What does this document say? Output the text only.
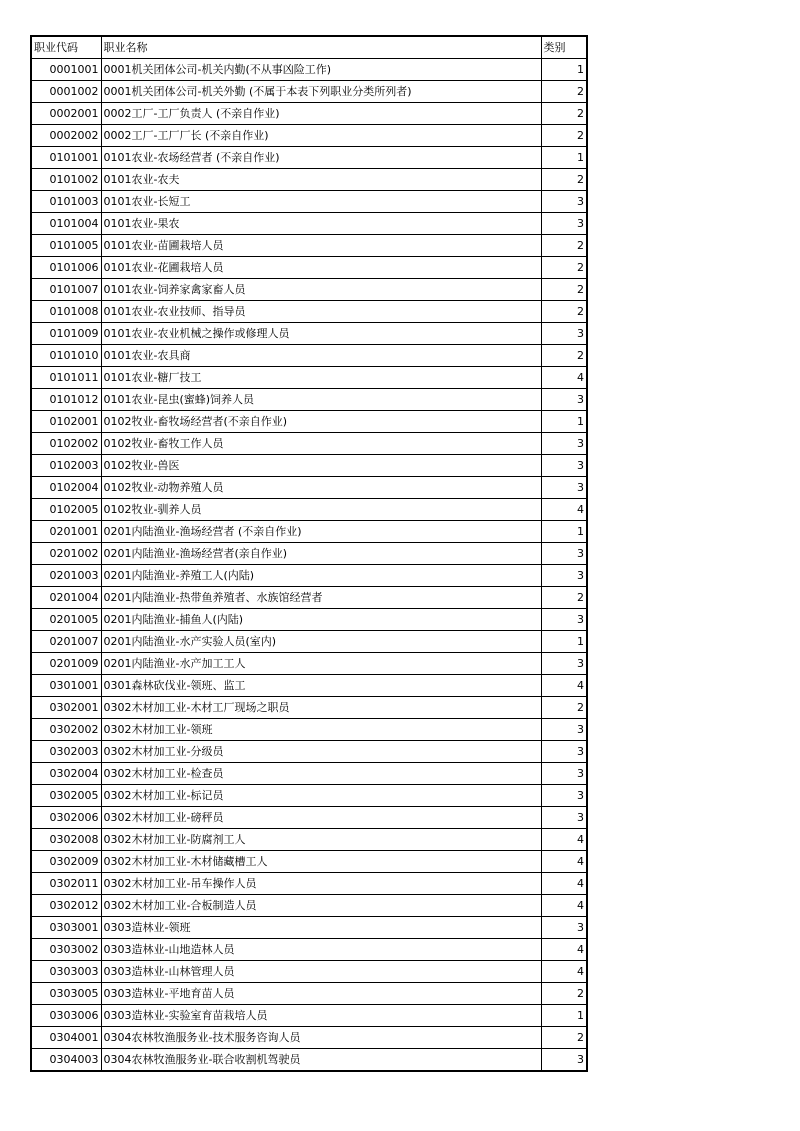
职业代码	职业名称	类别
0001001	0001机关团体公司-机关内勤(不从事凶险工作)	1
0001002	0001机关团体公司-机关外勤 (不属于本表下列职业分类所列者)	2
0002001	0002工厂-工厂负责人 (不亲自作业)	2
0002002	0002工厂-工厂厂长 (不亲自作业)	2
0101001	0101农业-农场经营者 (不亲自作业)	1
0101002	0101农业-农夫	2
0101003	0101农业-长短工	3
0101004	0101农业-果农	3
0101005	0101农业-苗圃栽培人员	2
0101006	0101农业-花圃栽培人员	2
0101007	0101农业-饲养家禽家畜人员	2
0101008	0101农业-农业技师、指导员	2
0101009	0101农业-农业机械之操作或修理人员	3
0101010	0101农业-农具商	2
0101011	0101农业-糖厂技工	4
0101012	0101农业-昆虫(蜜蜂)饲养人员	3
0102001	0102牧业-畜牧场经营者(不亲自作业)	1
0102002	0102牧业-畜牧工作人员	3
0102003	0102牧业-兽医	3
0102004	0102牧业-动物养殖人员	3
0102005	0102牧业-驯养人员	4
0201001	0201内陆渔业-渔场经营者 (不亲自作业)	1
0201002	0201内陆渔业-渔场经营者(亲自作业)	3
0201003	0201内陆渔业-养殖工人(内陆)	3
0201004	0201内陆渔业-热带鱼养殖者、水族馆经营者	2
0201005	0201内陆渔业-捕鱼人(内陆)	3
0201007	0201内陆渔业-水产实验人员(室内)	1
0201009	0201内陆渔业-水产加工工人	3
0301001	0301森林砍伐业-领班、监工	4
0302001	0302木材加工业-木材工厂现场之职员	2
0302002	0302木材加工业-领班	3
0302003	0302木材加工业-分级员	3
0302004	0302木材加工业-检查员	3
0302005	0302木材加工业-标记员	3
0302006	0302木材加工业-磅秤员	3
0302008	0302木材加工业-防腐剂工人	4
0302009	0302木材加工业-木材储藏槽工人	4
0302011	0302木材加工业-吊车操作人员	4
0302012	0302木材加工业-合板制造人员	4
0303001	0303造林业-领班	3
0303002	0303造林业-山地造林人员	4
0303003	0303造林业-山林管理人员	4
0303005	0303造林业-平地育苗人员	2
0303006	0303造林业-实验室育苗栽培人员	1
0304001	0304农林牧渔服务业-技术服务咨询人员	2
0304003	0304农林牧渔服务业-联合收割机驾驶员	3
